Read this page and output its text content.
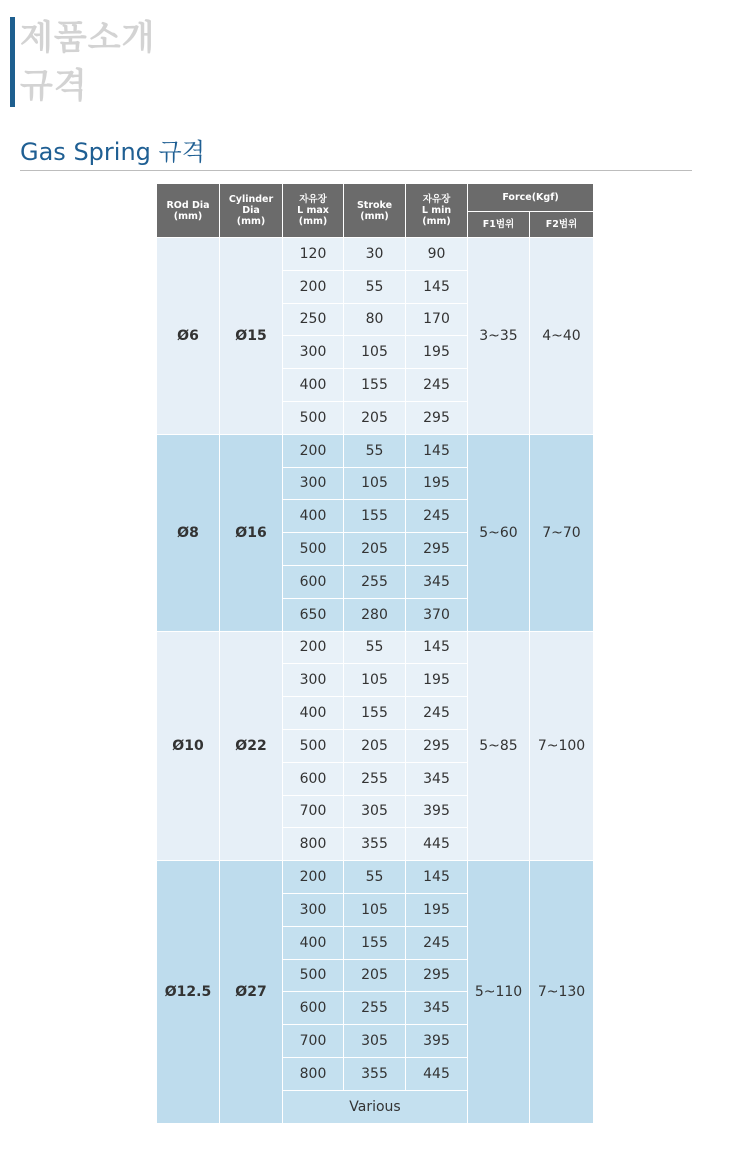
제품소개
규격
Gas Spring 규격
ROd Dia
(mm)	Cylinder Dia
(mm)	자유장
L max
(mm)	Stroke
(mm)	자유장
L min
(mm)	Force(Kgf)	
					F1범위	F2범위
Ø6	Ø15	120	30	90	3~35	4~40
		200	55	145		
		250	80	170		
		300	105	195		
		400	155	245		
		500	205	295		
Ø8	Ø16	200	55	145	5~60	7~70
		300	105	195		
		400	155	245		
		500	205	295		
		600	255	345		
		650	280	370		
Ø10	Ø22	200	55	145	5~85	7~100
		300	105	195		
		400	155	245		
		500	205	295		
		600	255	345		
		700	305	395		
		800	355	445		
Ø12.5	Ø27	200	55	145	5~110	7~130
		300	105	195		
		400	155	245		
		500	205	295		
		600	255	345		
		700	305	395		
		800	355	445		
		Various				
